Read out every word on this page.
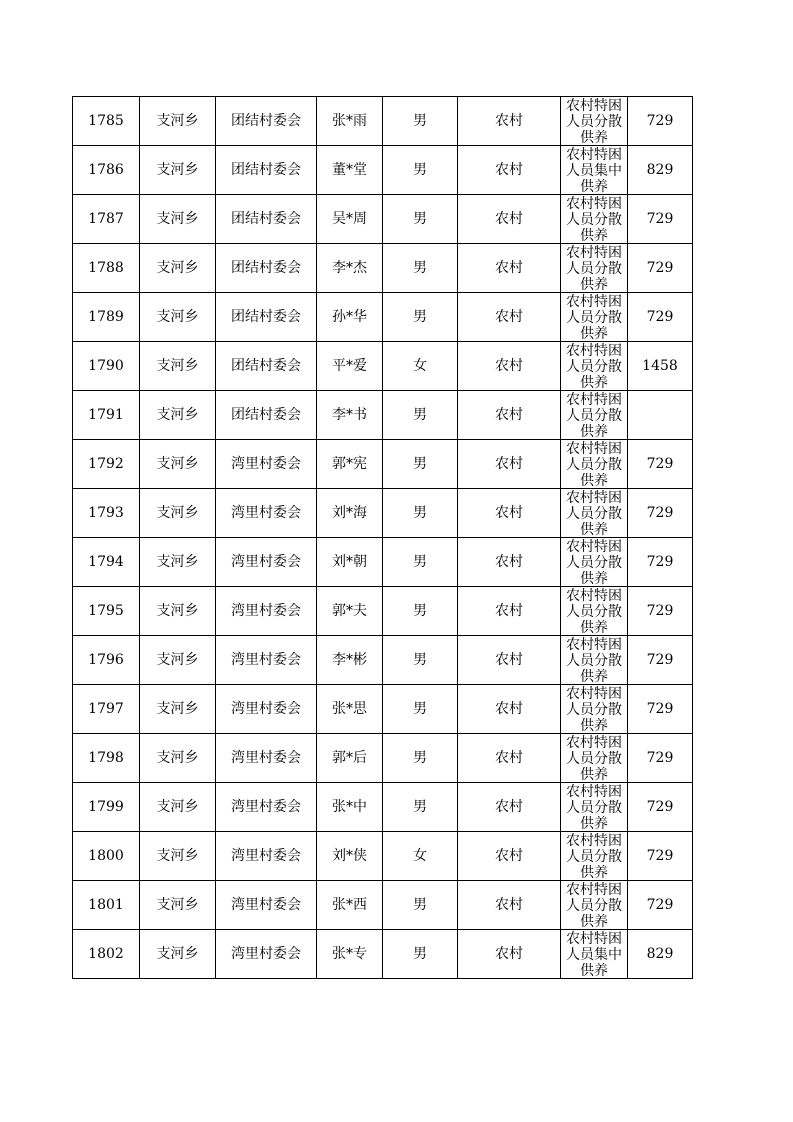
1785	支河乡	团结村委会	张*雨	男	农村	农村特困人员分散供养	729
1786	支河乡	团结村委会	董*堂	男	农村	农村特困人员集中供养	829
1787	支河乡	团结村委会	吴*周	男	农村	农村特困人员分散供养	729
1788	支河乡	团结村委会	李*杰	男	农村	农村特困人员分散供养	729
1789	支河乡	团结村委会	孙*华	男	农村	农村特困人员分散供养	729
1790	支河乡	团结村委会	平*爱	女	农村	农村特困人员分散供养	1458
1791	支河乡	团结村委会	李*书	男	农村	农村特困人员分散供养	

1792	支河乡	湾里村委会	郭*宪	男	农村	农村特困人员分散供养	729
1793	支河乡	湾里村委会	刘*海	男	农村	农村特困人员分散供养	729
1794	支河乡	湾里村委会	刘*朝	男	农村	农村特困人员分散供养	729
1795	支河乡	湾里村委会	郭*夫	男	农村	农村特困人员分散供养	729
1796	支河乡	湾里村委会	李*彬	男	农村	农村特困人员分散供养	729
1797	支河乡	湾里村委会	张*思	男	农村	农村特困人员分散供养	729
1798	支河乡	湾里村委会	郭*后	男	农村	农村特困人员分散供养	729
1799	支河乡	湾里村委会	张*中	男	农村	农村特困人员分散供养	729
1800	支河乡	湾里村委会	刘*侠	女	农村	农村特困人员分散供养	729
1801	支河乡	湾里村委会	张*西	男	农村	农村特困人员分散供养	729
1802	支河乡	湾里村委会	张*专	男	农村	农村特困人员集中供养	829
